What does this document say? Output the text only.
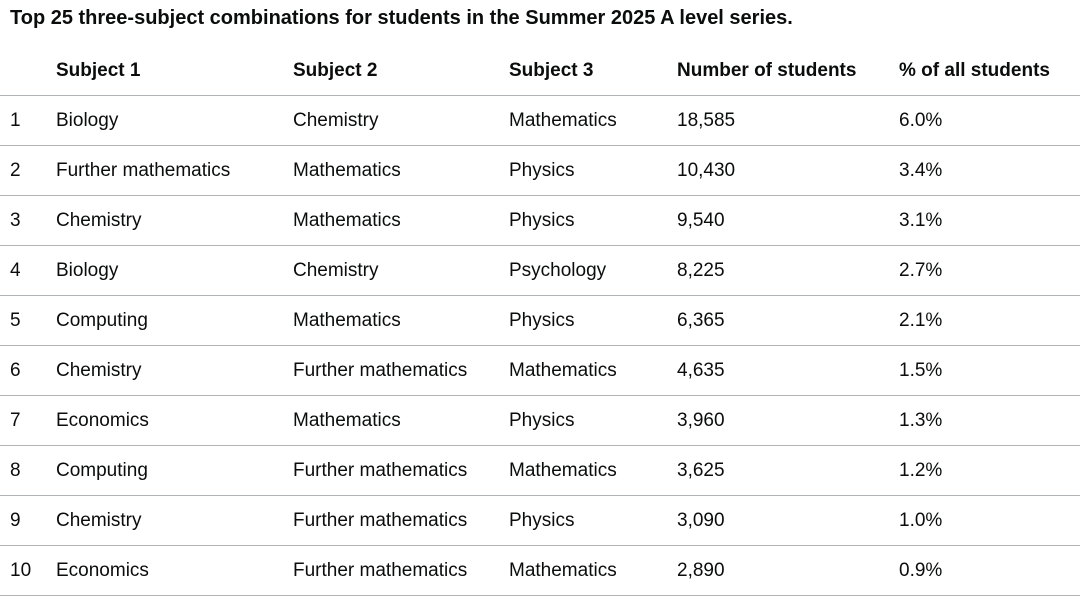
Top 25 three-subject combinations for students in the Summer 2025 A level series.
	Subject 1	Subject 2	Subject 3	Number of students	% of all students
1	Biology	Chemistry	Mathematics	18,585	6.0%
2	Further mathematics	Mathematics	Physics	10,430	3.4%
3	Chemistry	Mathematics	Physics	9,540	3.1%
4	Biology	Chemistry	Psychology	8,225	2.7%
5	Computing	Mathematics	Physics	6,365	2.1%
6	Chemistry	Further mathematics	Mathematics	4,635	1.5%
7	Economics	Mathematics	Physics	3,960	1.3%
8	Computing	Further mathematics	Mathematics	3,625	1.2%
9	Chemistry	Further mathematics	Physics	3,090	1.0%
10	Economics	Further mathematics	Mathematics	2,890	0.9%
